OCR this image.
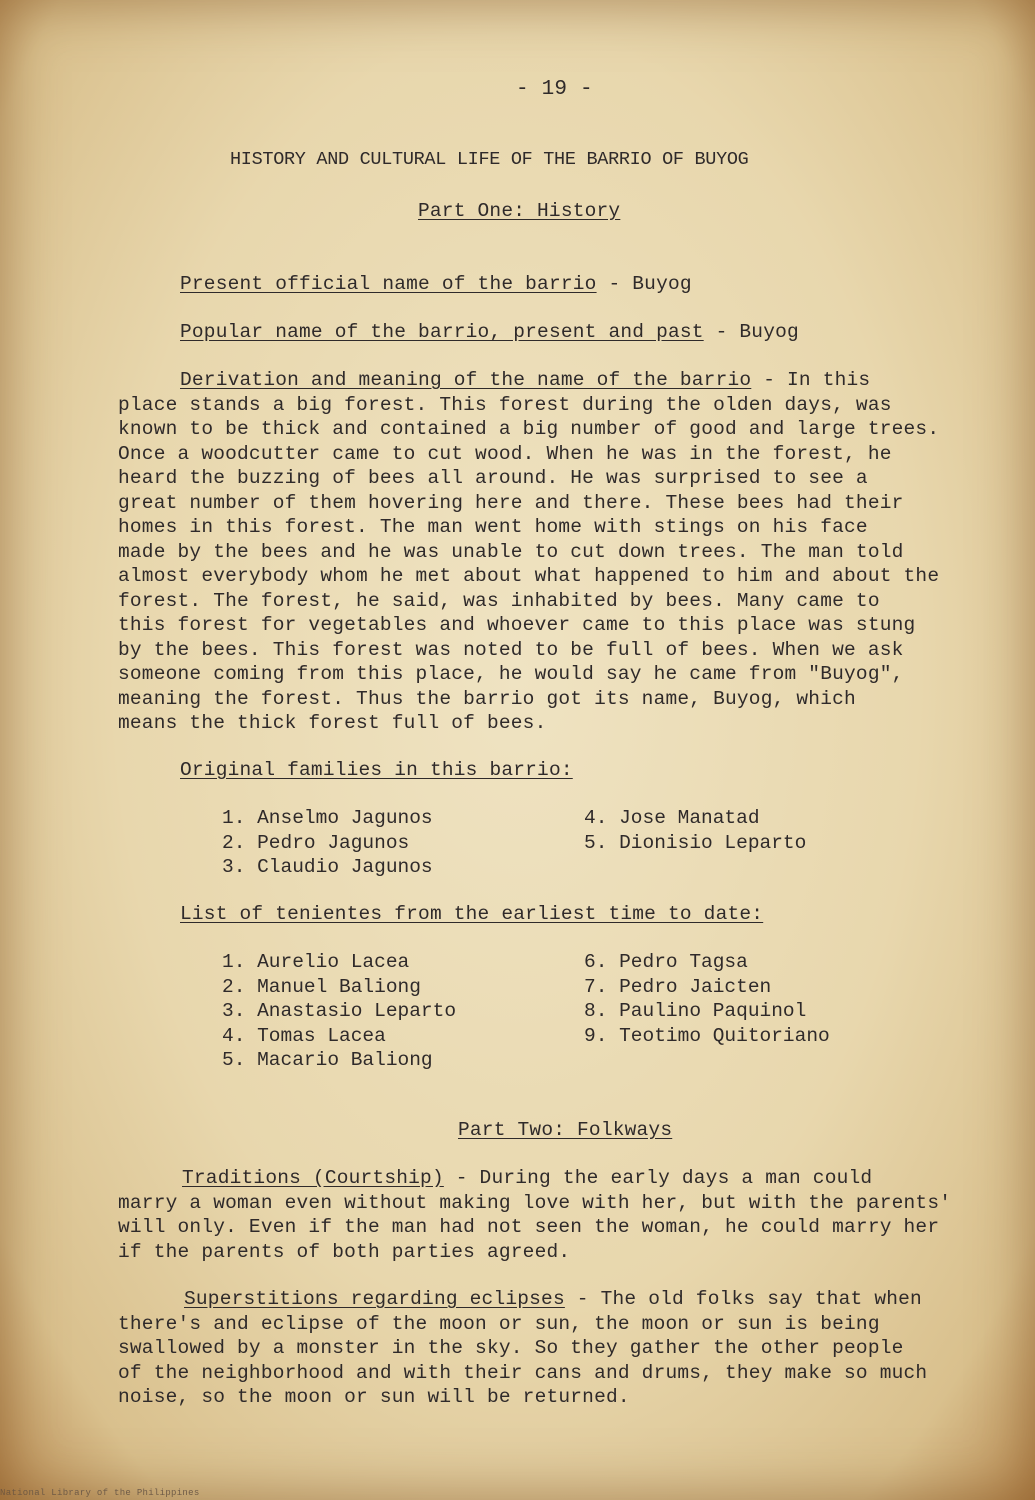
- 19 -
HISTORY AND CULTURAL LIFE OF THE BARRIO OF BUYOG
Part One: History
Present official name of the barrio - Buyog
Popular name of the barrio, present and past - Buyog
Derivation and meaning of the name of the barrio - In this
place stands a big forest. This forest during the olden days, was
known to be thick and contained a big number of good and large trees.
Once a woodcutter came to cut wood. When he was in the forest, he
heard the buzzing of bees all around. He was surprised to see a
great number of them hovering here and there. These bees had their
homes in this forest. The man went home with stings on his face
made by the bees and he was unable to cut down trees. The man told
almost everybody whom he met about what happened to him and about the
forest. The forest, he said, was inhabited by bees. Many came to
this forest for vegetables and whoever came to this place was stung
by the bees. This forest was noted to be full of bees. When we ask
someone coming from this place, he would say he came from "Buyog",
meaning the forest. Thus the barrio got its name, Buyog, which
means the thick forest full of bees.
Original families in this barrio:
1. Anselmo Jagunos
2. Pedro Jagunos
3. Claudio Jagunos
4. Jose Manatad
5. Dionisio Leparto
List of tenientes from the earliest time to date:
1. Aurelio Lacea
2. Manuel Baliong
3. Anastasio Leparto
4. Tomas Lacea
5. Macario Baliong
6. Pedro Tagsa
7. Pedro Jaicten
8. Paulino Paquinol
9. Teotimo Quitoriano
Part Two: Folkways
Traditions (Courtship) - During the early days a man could
marry a woman even without making love with her, but with the parents'
will only. Even if the man had not seen the woman, he could marry her
if the parents of both parties agreed.
Superstitions regarding eclipses - The old folks say that when
there's and eclipse of the moon or sun, the moon or sun is being
swallowed by a monster in the sky. So they gather the other people
of the neighborhood and with their cans and drums, they make so much
noise, so the moon or sun will be returned.
National Library of the Philippines
